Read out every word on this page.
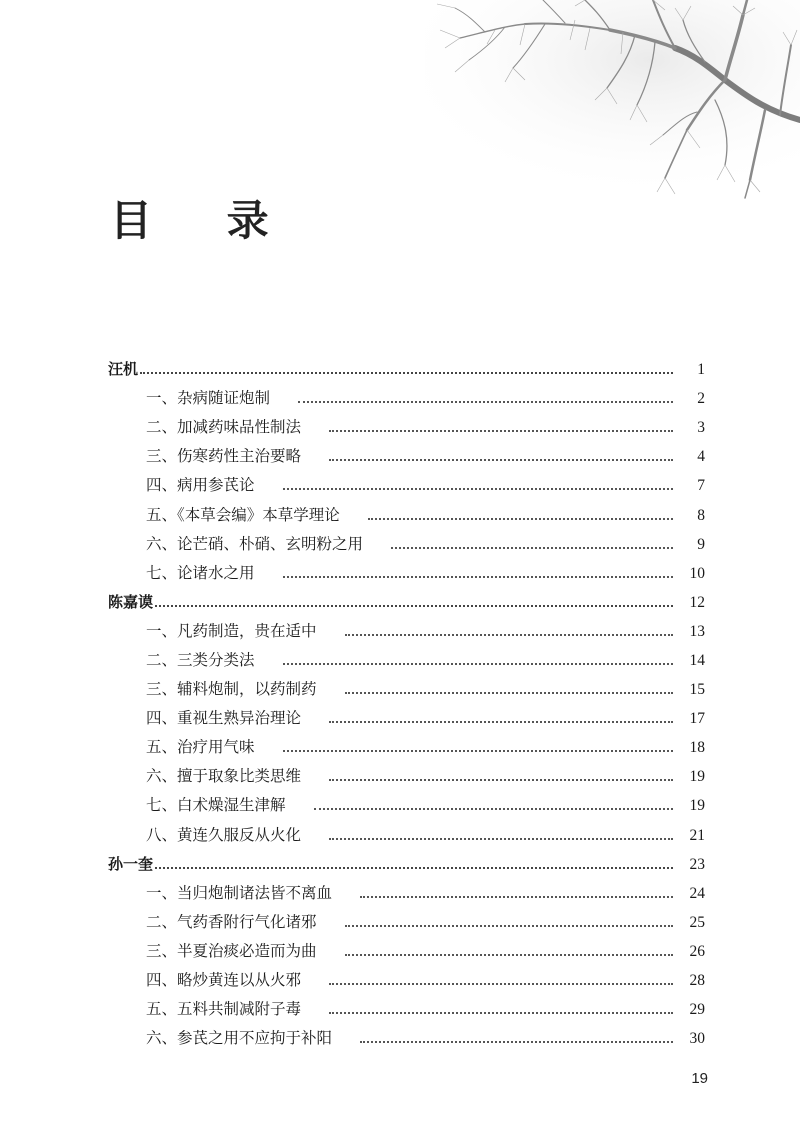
目 录
汪机	1
一、杂病随证炮制	2
二、加减药味品性制法	3
三、伤寒药性主治要略	4
四、病用参芪论	7
五、《本草会编》本草学理论	8
六、论芒硝、朴硝、玄明粉之用	9
七、论诸水之用	10
陈嘉谟	12
一、凡药制造，贵在适中	13
二、三类分类法	14
三、辅料炮制，以药制药	15
四、重视生熟异治理论	17
五、治疗用气味	18
六、擅于取象比类思维	19
七、白术燥湿生津解	19
八、黄连久服反从火化	21
孙一奎	23
一、当归炮制诸法皆不离血	24
二、气药香附行气化诸邪	25
三、半夏治痰必造而为曲	26
四、略炒黄连以从火邪	28
五、五料共制减附子毒	29
六、参芪之用不应拘于补阳	30
19
